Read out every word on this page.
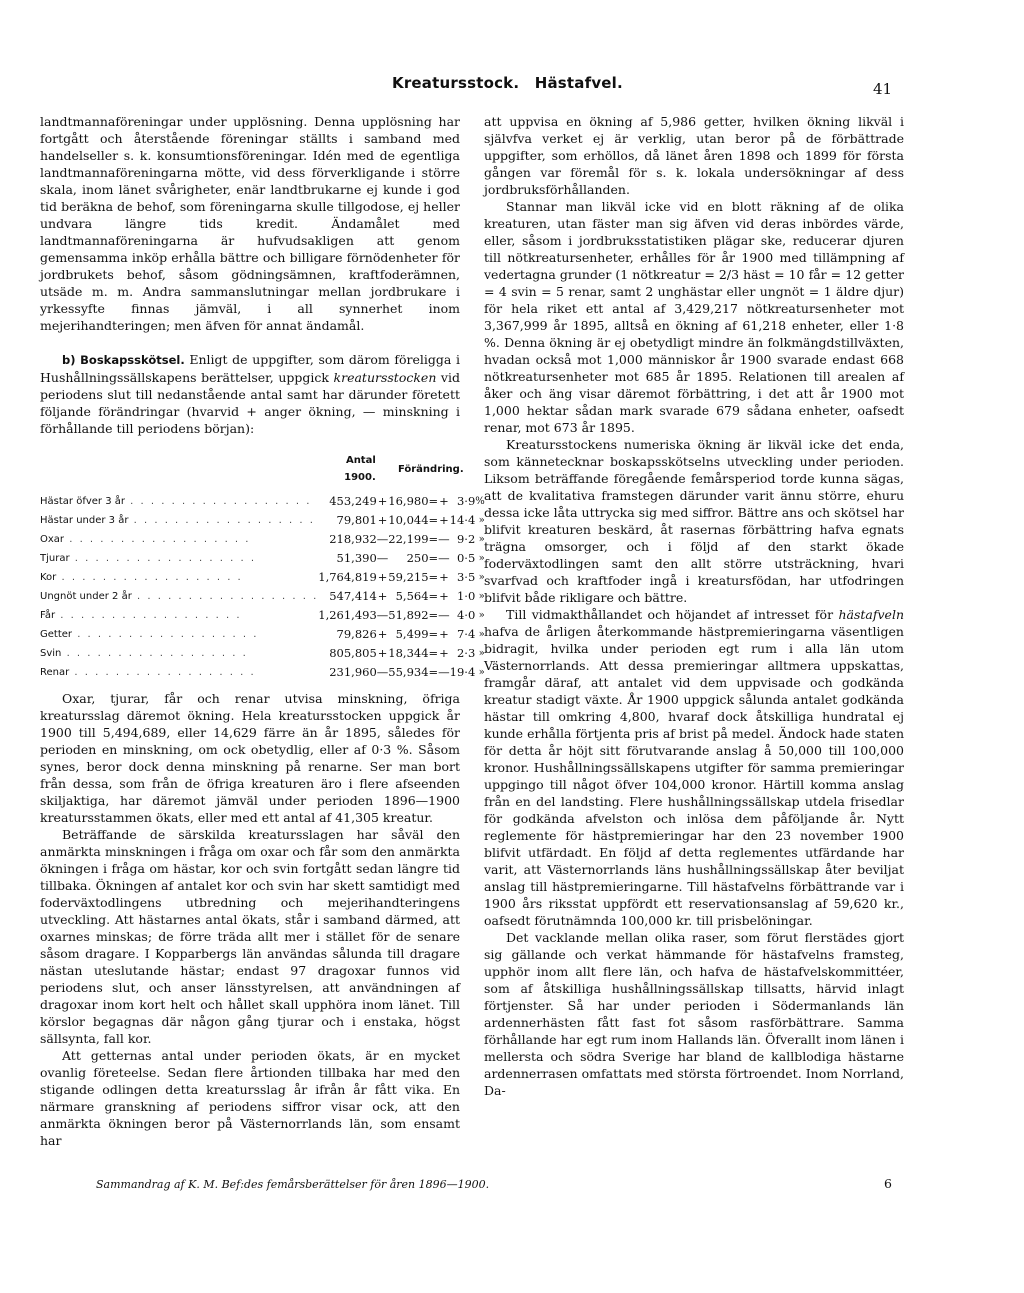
Kreatursstock. Hästafvel.	41

landtmannaföreningar under upplösning. Denna upplösning har fortgått och återstående föreningar ställts i samband med handelseller s. k. konsumtionsföreningar. Idén med de egentliga landtmannaföreningarna mötte, vid dess förverkligande i större skala, inom länet svårigheter, enär landtbrukarne ej kunde i god tid beräkna de behof, som föreningarna skulle tillgodose, ej heller undvara längre tids kredit. Ändamålet med landtmannaföreningarna är hufvudsakligen att genom gemensamma inköp erhålla bättre och billigare förnödenheter för jordbrukets behof, såsom gödningsämnen, kraftfoderämnen, utsäde m. m. Andra sammanslutningar mellan jordbrukare i yrkessyfte finnas jämväl, i all synnerhet inom mejerihandteringen; men äfven för annat ändamål.

b) Boskapsskötsel. Enligt de uppgifter, som därom föreligga i Hushållningssällskapens berättelser, uppgick kreatursstocken vid periodens slut till nedanstående antal samt har därunder företett följande förändringar (hvarvid + anger ökning, — minskning i förhållande till periodens början):

	Antal 1900.	Förändring.					
Hästar öfver 3 år . . . . . . . . . . . . . . . . . .	453,249	+	16,980	=	+	3·9	%
Hästar under 3 år . . . . . . . . . . . . . . . . . .	79,801	+	10,044	=	+	14·4	»
Oxar . . . . . . . . . . . . . . . . . .	218,932	—	22,199	=	—	9·2	»
Tjurar . . . . . . . . . . . . . . . . . .	51,390	—	250	=	—	0·5	»
Kor . . . . . . . . . . . . . . . . . .	1,764,819	+	59,215	=	+	3·5	»
Ungnöt under 2 år . . . . . . . . . . . . . . . . . .	547,414	+	5,564	=	+	1·0	»
Får . . . . . . . . . . . . . . . . . .	1,261,493	—	51,892	=	—	4·0	»
Getter . . . . . . . . . . . . . . . . . .	79,826	+	5,499	=	+	7·4	»
Svin . . . . . . . . . . . . . . . . . .	805,805	+	18,344	=	+	2·3	»
Renar . . . . . . . . . . . . . . . . . .	231,960	—	55,934	=	—	19·4	»

Oxar, tjurar, får och renar utvisa minskning, öfriga kreatursslag däremot ökning. Hela kreatursstocken uppgick år 1900 till 5,494,689, eller 14,629 färre än år 1895, således för perioden en minskning, om ock obetydlig, eller af 0·3 %. Såsom synes, beror dock denna minskning på renarne. Ser man bort från dessa, som från de öfriga kreaturen äro i flere afseenden skiljaktiga, har däremot jämväl under perioden 1896—1900 kreatursstammen ökats, eller med ett antal af 41,305 kreatur.

Beträffande de särskilda kreatursslagen har såväl den anmärkta minskningen i fråga om oxar och får som den anmärkta ökningen i fråga om hästar, kor och svin fortgått sedan längre tid tillbaka. Ökningen af antalet kor och svin har skett samtidigt med foderväxtodlingens utbredning och mejerihandteringens utveckling. Att hästarnes antal ökats, står i samband därmed, att oxarnes minskas; de förre träda allt mer i stället för de senare såsom dragare. I Kopparbergs län användas sålunda till dragare nästan uteslutande hästar; endast 97 dragoxar funnos vid periodens slut, och anser länsstyrelsen, att användningen af dragoxar inom kort helt och hållet skall upphöra inom länet. Till körslor begagnas där någon gång tjurar och i enstaka, högst sällsynta, fall kor.

Att getternas antal under perioden ökats, är en mycket ovanlig företeelse. Sedan flere årtionden tillbaka har med den stigande odlingen detta kreatursslag år ifrån år fått vika. En närmare granskning af periodens siffror visar ock, att den anmärkta ökningen beror på Västernorrlands län, som ensamt har

att uppvisa en ökning af 5,986 getter, hvilken ökning likväl i självfva verket ej är verklig, utan beror på de förbättrade uppgifter, som erhöllos, då länet åren 1898 och 1899 för första gången var föremål för s. k. lokala undersökningar af dess jordbruksförhållanden.

Stannar man likväl icke vid en blott räkning af de olika kreaturen, utan fäster man sig äfven vid deras inbördes värde, eller, såsom i jordbruksstatistiken plägar ske, reducerar djuren till nötkreatursenheter, erhålles för år 1900 med tillämpning af vedertagna grunder (1 nötkreatur = 2/3 häst = 10 får = 12 getter = 4 svin = 5 renar, samt 2 unghästar eller ungnöt = 1 äldre djur) för hela riket ett antal af 3,429,217 nötkreatursenheter mot 3,367,999 år 1895, alltså en ökning af 61,218 enheter, eller 1·8 %. Denna ökning är ej obetydligt mindre än folkmängdstillväxten, hvadan också mot 1,000 människor år 1900 svarade endast 668 nötkreatursenheter mot 685 år 1895. Relationen till arealen af åker och äng visar däremot förbättring, i det att år 1900 mot 1,000 hektar sådan mark svarade 679 sådana enheter, oafsedt renar, mot 673 år 1895.

Kreatursstockens numeriska ökning är likväl icke det enda, som kännetecknar boskapsskötselns utveckling under perioden. Liksom beträffande föregående femårsperiod torde kunna sägas, att de kvalitativa framstegen därunder varit ännu större, ehuru dessa icke låta uttrycka sig med siffror. Bättre ans och skötsel har blifvit kreaturen beskärd, åt rasernas förbättring hafva egnats trägna omsorger, och i följd af den starkt ökade foderväxtodlingen samt den allt större utsträckning, hvari svarfvad och kraftfoder ingå i kreatursfödan, har utfodringen blifvit både rikligare och bättre.

Till vidmakthållandet och höjandet af intresset för hästafveln hafva de årligen återkommande hästpremieringarna väsentligen bidragit, hvilka under perioden egt rum i alla län utom Västernorrlands. Att dessa premieringar alltmera uppskattas, framgår däraf, att antalet vid dem uppvisade och godkända kreatur stadigt växte. År 1900 uppgick sålunda antalet godkända hästar till omkring 4,800, hvaraf dock åtskilliga hundratal ej kunde erhålla förtjenta pris af brist på medel. Ändock hade staten för detta år höjt sitt förutvarande anslag å 50,000 till 100,000 kronor. Hushållningssällskapens utgifter för samma premieringar uppgingo till något öfver 104,000 kronor. Härtill komma anslag från en del landsting. Flere hushållningssällskap utdela frisedlar för godkända afvelston och inlösa dem påföljande år. Nytt reglemente för hästpremieringar har den 23 november 1900 blifvit utfärdadt. En följd af detta reglementes utfärdande har varit, att Västernorrlands läns hushållningssällskap åter beviljat anslag till hästpremieringarne. Till hästafvelns förbättrande var i 1900 års riksstat uppfördt ett reservationsanslag af 59,620 kr., oafsedt förutnämnda 100,000 kr. till prisbelöningar.

Det vacklande mellan olika raser, som förut flerstädes gjort sig gällande och verkat hämmande för hästafvelns framsteg, upphör inom allt flere län, och hafva de hästafvelskommittéer, som af åtskilliga hushållningssällskap tillsatts, härvid inlagt förtjenster. Så har under perioden i Södermanlands län ardennerhästen fått fast fot såsom rasförbättrare. Samma förhållande har egt rum inom Hallands län. Öfverallt inom länen i mellersta och södra Sverige har bland de kallblodiga hästarne ardennerrasen omfattats med största förtroendet. Inom Norrland, Da-

Sammandrag af K. M. Bef:des femårsberättelser för åren 1896—1900.	6
